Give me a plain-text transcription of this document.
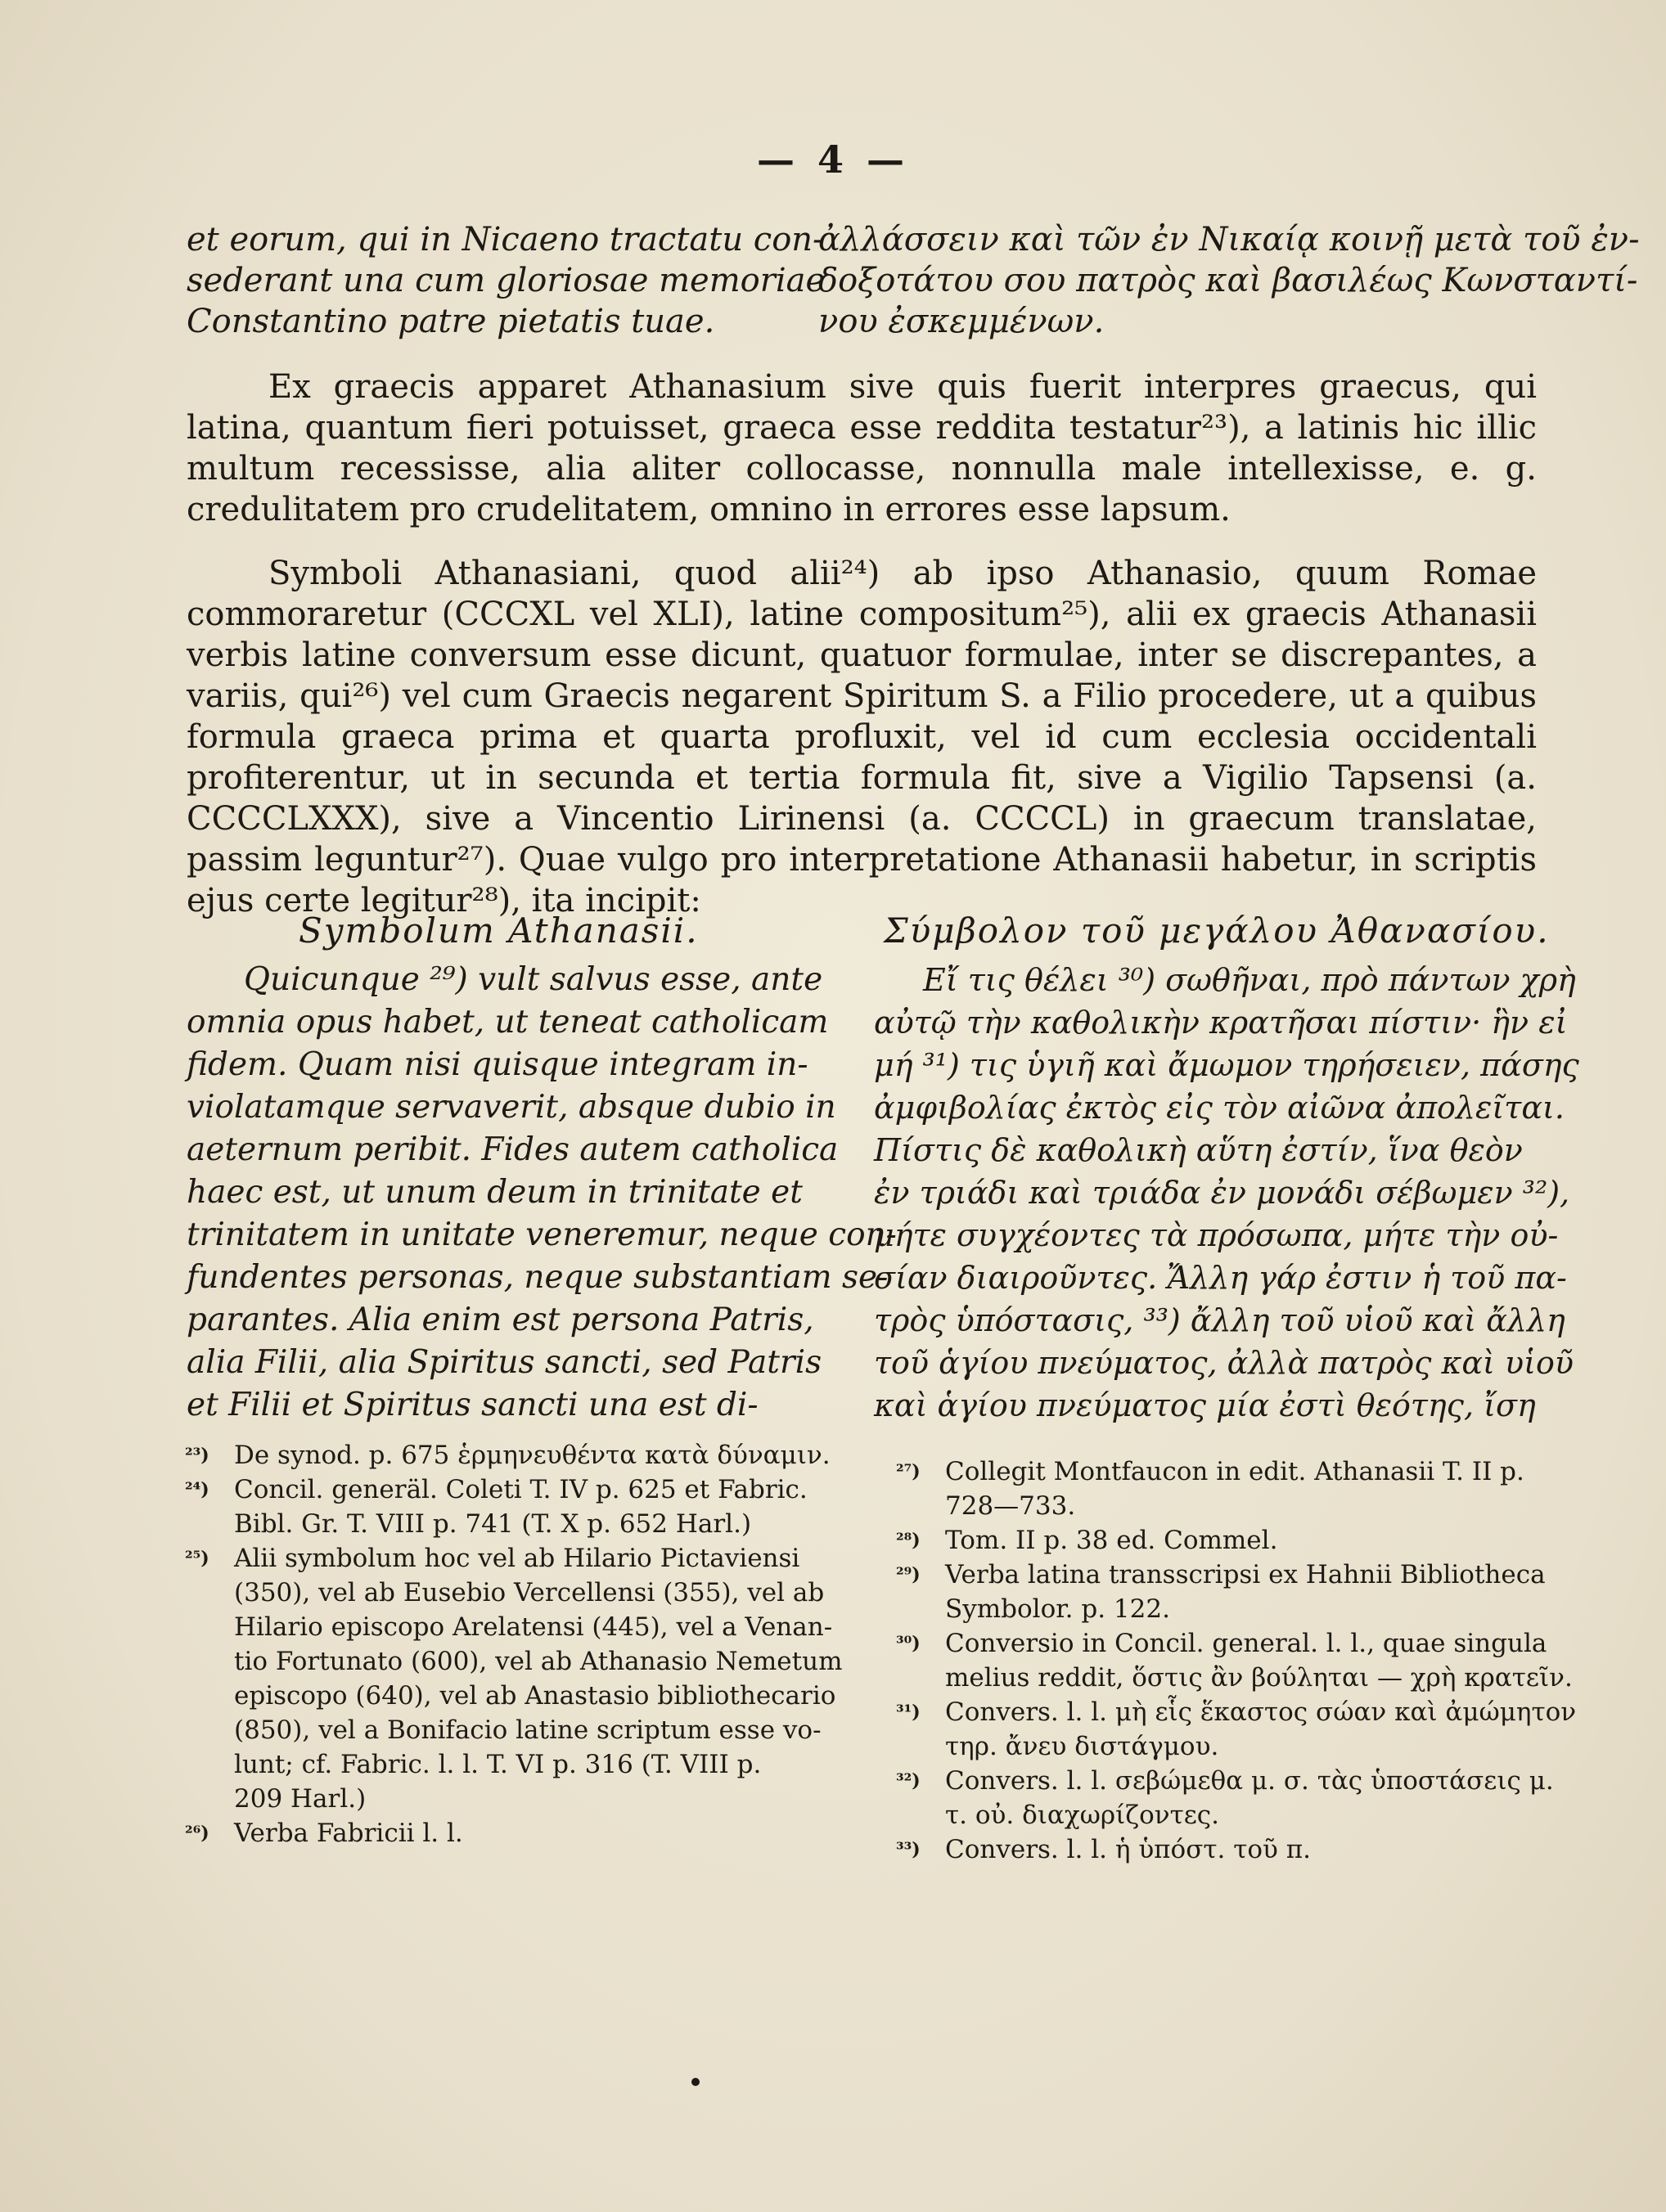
— 4 —
et eorum, qui in Nicaeno tractatu con-
sederant una cum gloriosae memoriae
Constantino patre pietatis tuae.
ἀλλάσσειν καὶ τῶν ἐν Νικαίᾳ κοινῇ μετὰ τοῦ ἐν-
δοξοτάτου σου πατρὸς καὶ βασιλέως Κωνσταντί-
νου ἐσκεμμένων.
Ex graecis apparet Athanasium sive quis fuerit interpres graecus, qui latina, quantum fieri potuisset, graeca esse reddita testatur²³), a latinis hic illic multum recessisse, alia aliter collocasse, nonnulla male intellexisse, e. g. credulitatem pro crudelitatem, omnino in errores esse lapsum.
Symboli Athanasiani, quod alii²⁴) ab ipso Athanasio, quum Romae commoraretur (CCCXL vel XLI), latine compositum²⁵), alii ex graecis Athanasii verbis latine conversum esse dicunt, quatuor formulae, inter se discrepantes, a variis, qui²⁶) vel cum Graecis negarent Spiritum S. a Filio procedere, ut a quibus formula graeca prima et quarta profluxit, vel id cum ecclesia occidentali profiterentur, ut in secunda et tertia formula fit, sive a Vigilio Tapsensi (a. CCCCLXXX), sive a Vincentio Lirinensi (a. CCCCL) in graecum translatae, passim leguntur²⁷). Quae vulgo pro interpretatione Athanasii habetur, in scriptis ejus certe legitur²⁸), ita incipit:
Symbolum Athanasii.	Σύμβολον τοῦ μεγάλου Ἀθανασίου.
Quicunque ²⁹) vult salvus esse, ante
omnia opus habet, ut teneat catholicam
fidem. Quam nisi quisque integram in-
violatamque servaverit, absque dubio in
aeternum peribit. Fides autem catholica
haec est, ut unum deum in trinitate et
trinitatem in unitate veneremur, neque con-
fundentes personas, neque substantiam se-
parantes. Alia enim est persona Patris,
alia Filii, alia Spiritus sancti, sed Patris
et Filii et Spiritus sancti una est di-
Εἴ τις θέλει ³⁰) σωθῆναι, πρὸ πάντων χρὴ
αὐτῷ τὴν καθολικὴν κρατῆσαι πίστιν· ἣν εἰ
μή ³¹) τις ὑγιῆ καὶ ἄμωμον τηρήσειεν, πάσης
ἀμφιβολίας ἐκτὸς εἰς τὸν αἰῶνα ἀπολεῖται.
Πίστις δὲ καθολικὴ αὕτη ἐστίν, ἵνα θεὸν
ἐν τριάδι καὶ τριάδα ἐν μονάδι σέβωμεν ³²),
μήτε συγχέοντες τὰ πρόσωπα, μήτε τὴν οὐ-
σίαν διαιροῦντες. Ἄλλη γάρ ἐστιν ἡ τοῦ πα-
τρὸς ὑπόστασις, ³³) ἄλλη τοῦ υἱοῦ καὶ ἄλλη
τοῦ ἁγίου πνεύματος, ἀλλὰ πατρὸς καὶ υἱοῦ
καὶ ἁγίου πνεύματος μία ἐστὶ θεότης, ἴση
²³) De synod. p. 675 ἑρμηνευθέντα κατὰ δύναμιν.
²⁴) Concil. generäl. Coleti T. IV p. 625 et Fabric.
Bibl. Gr. T. VIII p. 741 (T. X p. 652 Harl.)
²⁵) Alii symbolum hoc vel ab Hilario Pictaviensi
(350), vel ab Eusebio Vercellensi (355), vel ab
Hilario episcopo Arelatensi (445), vel a Venan-
tio Fortunato (600), vel ab Athanasio Nemetum
episcopo (640), vel ab Anastasio bibliothecario
(850), vel a Bonifacio latine scriptum esse vo-
lunt; cf. Fabric. l. l. T. VI p. 316 (T. VIII p.
209 Harl.)
²⁶) Verba Fabricii l. l.
²⁷) Collegit Montfaucon in edit. Athanasii T. II p.
728—733.
²⁸) Tom. II p. 38 ed. Commel.
²⁹) Verba latina transscripsi ex Hahnii Bibliotheca
Symbolor. p. 122.
³⁰) Conversio in Concil. general. l. l., quae singula
melius reddit, ὅστις ἂν βούληται — χρὴ κρατεῖν.
³¹) Convers. l. l. μὴ εἷς ἕκαστος σώαν καὶ ἀμώμητον
τηρ. ἄνευ διστάγμου.
³²) Convers. l. l. σεβώμεθα μ. σ. τὰς ὑποστάσεις μ.
τ. οὐ. διαχωρίζοντες.
³³) Convers. l. l. ἡ ὑπόστ. τοῦ π.
